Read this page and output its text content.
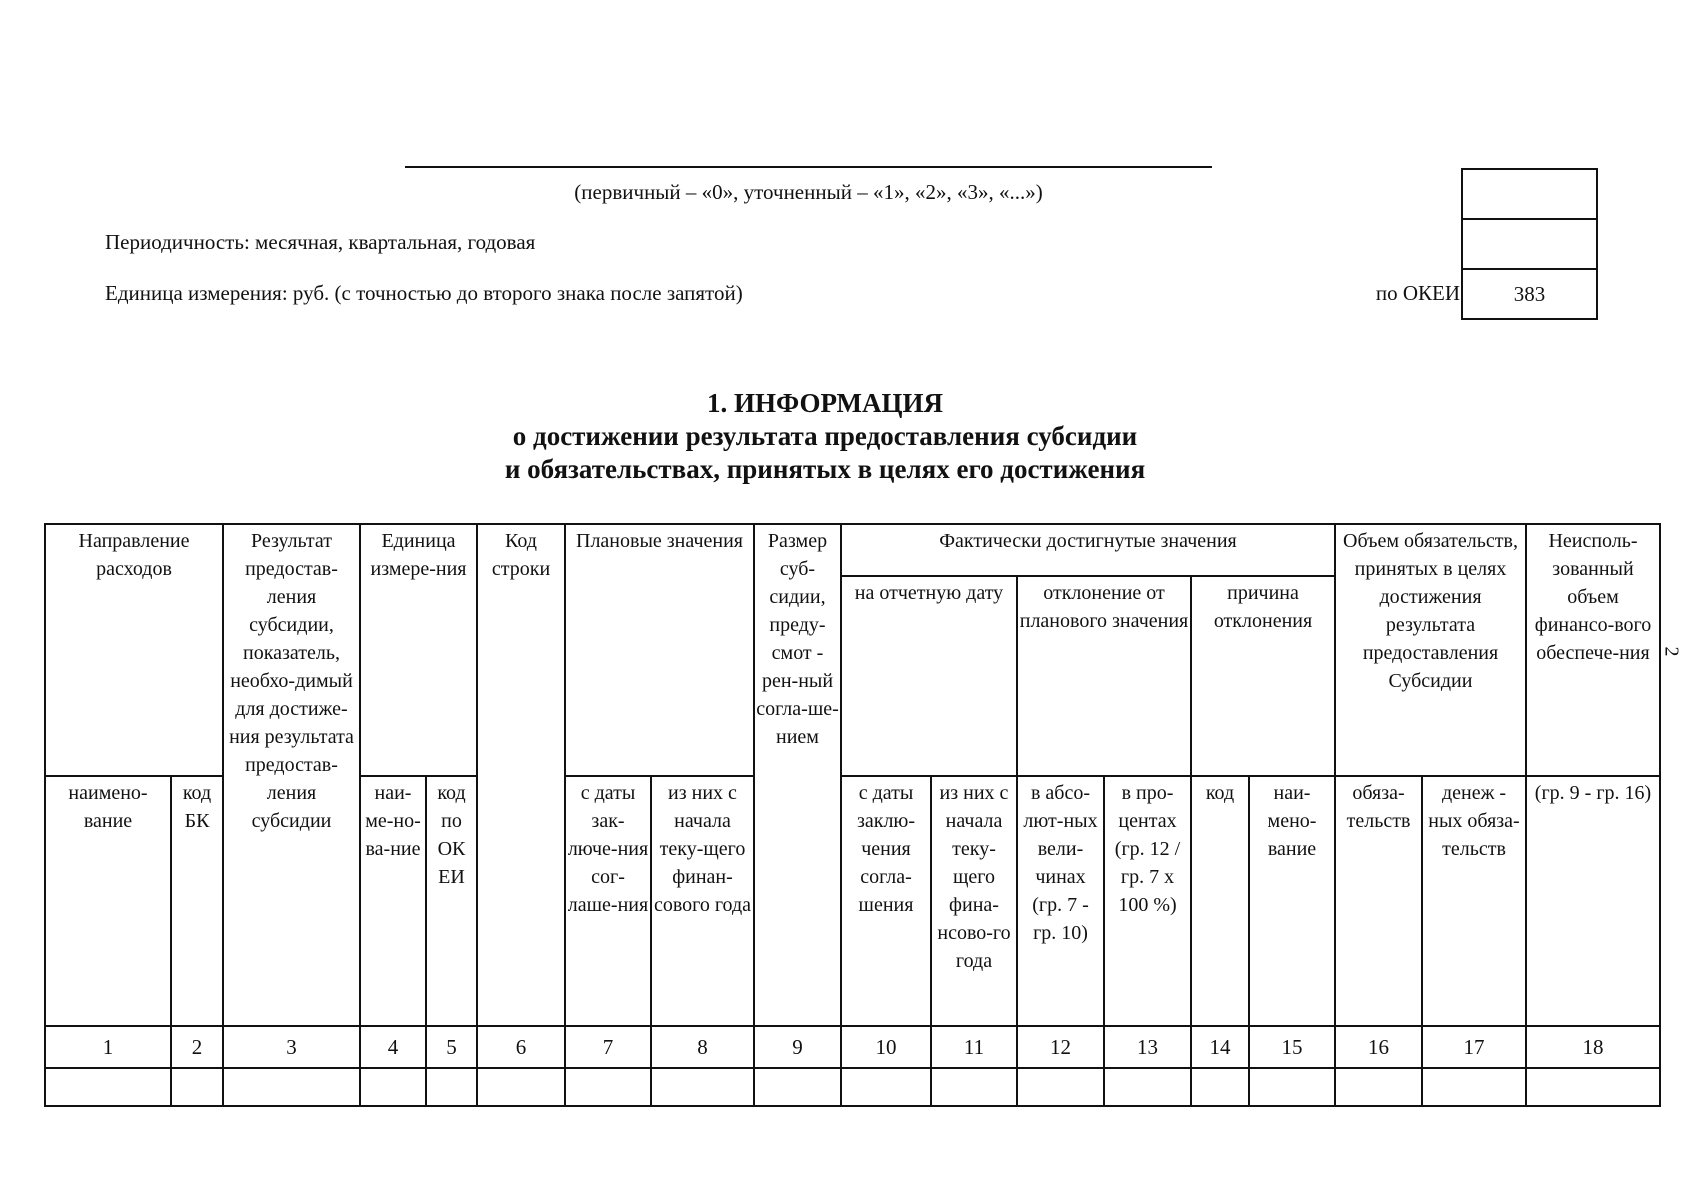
(первичный – «0», уточненный – «1», «2», «3», «...»)
Периодичность: месячная, квартальная, годовая
Единица измерения: руб. (с точностью до второго знака после запятой)	по ОКЕИ	383
1. ИНФОРМАЦИЯ
о достижении результата предоставления субсидии
и обязательствах, принятых в целях его достижения
2
Направление расходов		Результат предостав-ления субсидии, показатель, необхо-димый для достиже-ния результата предостав-ления субсидии	Единица измере-ния		Код строки	Плановые значения		Размер суб-сидии, преду-смот - рен-ный согла-ше-нием	Фактически достигнутые значения						Объем обязательств, принятых в целях достижения результата предоставления Субсидии		Неисполь-зованный объем финансо-вого обеспече-ния
									на отчетную дату		отклонение от планового значения		причина отклонения				
наимено-вание	код БК		наи-ме-но-ва-ние	код по ОК ЕИ		с даты зак-люче-ния сог-лаше-ния	из них с начала теку-щего финан-сового года		с даты заклю-чения согла-шения	из них с начала теку-щего фина-нсово-го года	в абсо-лют-ных вели-чинах (гр. 7 - гр. 10)	в про-центах (гр. 12 / гр. 7 х 100 %)	код	наи-мено-вание	обяза-тельств	денеж - ных обяза-тельств	(гр. 9 - гр. 16)
1	2	3	4	5	6	7	8	9	10	11	12	13	14	15	16	17	18
